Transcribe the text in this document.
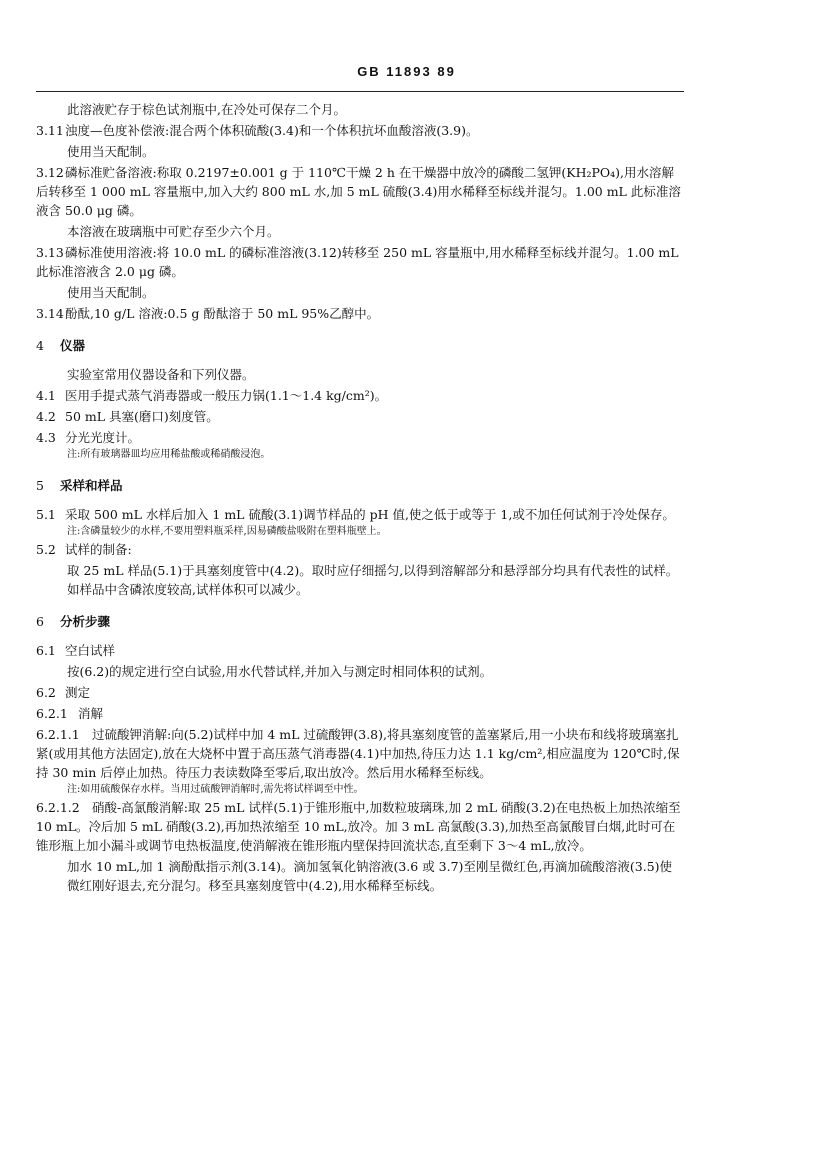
GB 11893 89

此溶液贮存于棕色试剂瓶中,在冷处可保存二个月。

3.11浊度—色度补偿液:混合两个体积硫酸(3.4)和一个体积抗坏血酸溶液(3.9)。

使用当天配制。

3.12磷标准贮备溶液:称取 0.2197±0.001 g 于 110℃干燥 2 h 在干燥器中放冷的磷酸二氢钾(KH₂PO₄),用水溶解后转移至 1 000 mL 容量瓶中,加入大约 800 mL 水,加 5 mL 硫酸(3.4)用水稀释至标线并混匀。1.00 mL 此标准溶液含 50.0 μg 磷。

本溶液在玻璃瓶中可贮存至少六个月。

3.13磷标准使用溶液:将 10.0 mL 的磷标准溶液(3.12)转移至 250 mL 容量瓶中,用水稀释至标线并混匀。1.00 mL 此标准溶液含 2.0 μg 磷。

使用当天配制。

3.14酚酞,10 g/L 溶液:0.5 g 酚酞溶于 50 mL 95%乙醇中。

4 仪器

实验室常用仪器设备和下列仪器。

4.1 医用手提式蒸气消毒器或一般压力锅(1.1～1.4 kg/cm²)。

4.2 50 mL 具塞(磨口)刻度管。

4.3 分光光度计。

注:所有玻璃器皿均应用稀盐酸或稀硝酸浸泡。

5 采样和样品

5.1 采取 500 mL 水样后加入 1 mL 硫酸(3.1)调节样品的 pH 值,使之低于或等于 1,或不加任何试剂于冷处保存。

注:含磷量较少的水样,不要用塑料瓶采样,因易磷酸盐吸附在塑料瓶壁上。

5.2 试样的制备:

取 25 mL 样品(5.1)于具塞刻度管中(4.2)。取时应仔细摇匀,以得到溶解部分和悬浮部分均具有代表性的试样。如样品中含磷浓度较高,试样体积可以减少。

6 分析步骤

6.1 空白试样

按(6.2)的规定进行空白试验,用水代替试样,并加入与测定时相同体积的试剂。

6.2 测定

6.2.1 消解

6.2.1.1 过硫酸钾消解:向(5.2)试样中加 4 mL 过硫酸钾(3.8),将具塞刻度管的盖塞紧后,用一小块布和线将玻璃塞扎紧(或用其他方法固定),放在大烧杯中置于高压蒸气消毒器(4.1)中加热,待压力达 1.1 kg/cm²,相应温度为 120℃时,保持 30 min 后停止加热。待压力表读数降至零后,取出放冷。然后用水稀释至标线。

注:如用硫酸保存水样。当用过硫酸钾消解时,需先将试样调至中性。

6.2.1.2 硝酸-高氯酸消解:取 25 mL 试样(5.1)于锥形瓶中,加数粒玻璃珠,加 2 mL 硝酸(3.2)在电热板上加热浓缩至 10 mL。冷后加 5 mL 硝酸(3.2),再加热浓缩至 10 mL,放冷。加 3 mL 高氯酸(3.3),加热至高氯酸冒白烟,此时可在锥形瓶上加小漏斗或调节电热板温度,使消解液在锥形瓶内壁保持回流状态,直至剩下 3～4 mL,放冷。

加水 10 mL,加 1 滴酚酞指示剂(3.14)。滴加氢氧化钠溶液(3.6 或 3.7)至刚呈微红色,再滴加硫酸溶液(3.5)使微红刚好退去,充分混匀。移至具塞刻度管中(4.2),用水稀释至标线。
